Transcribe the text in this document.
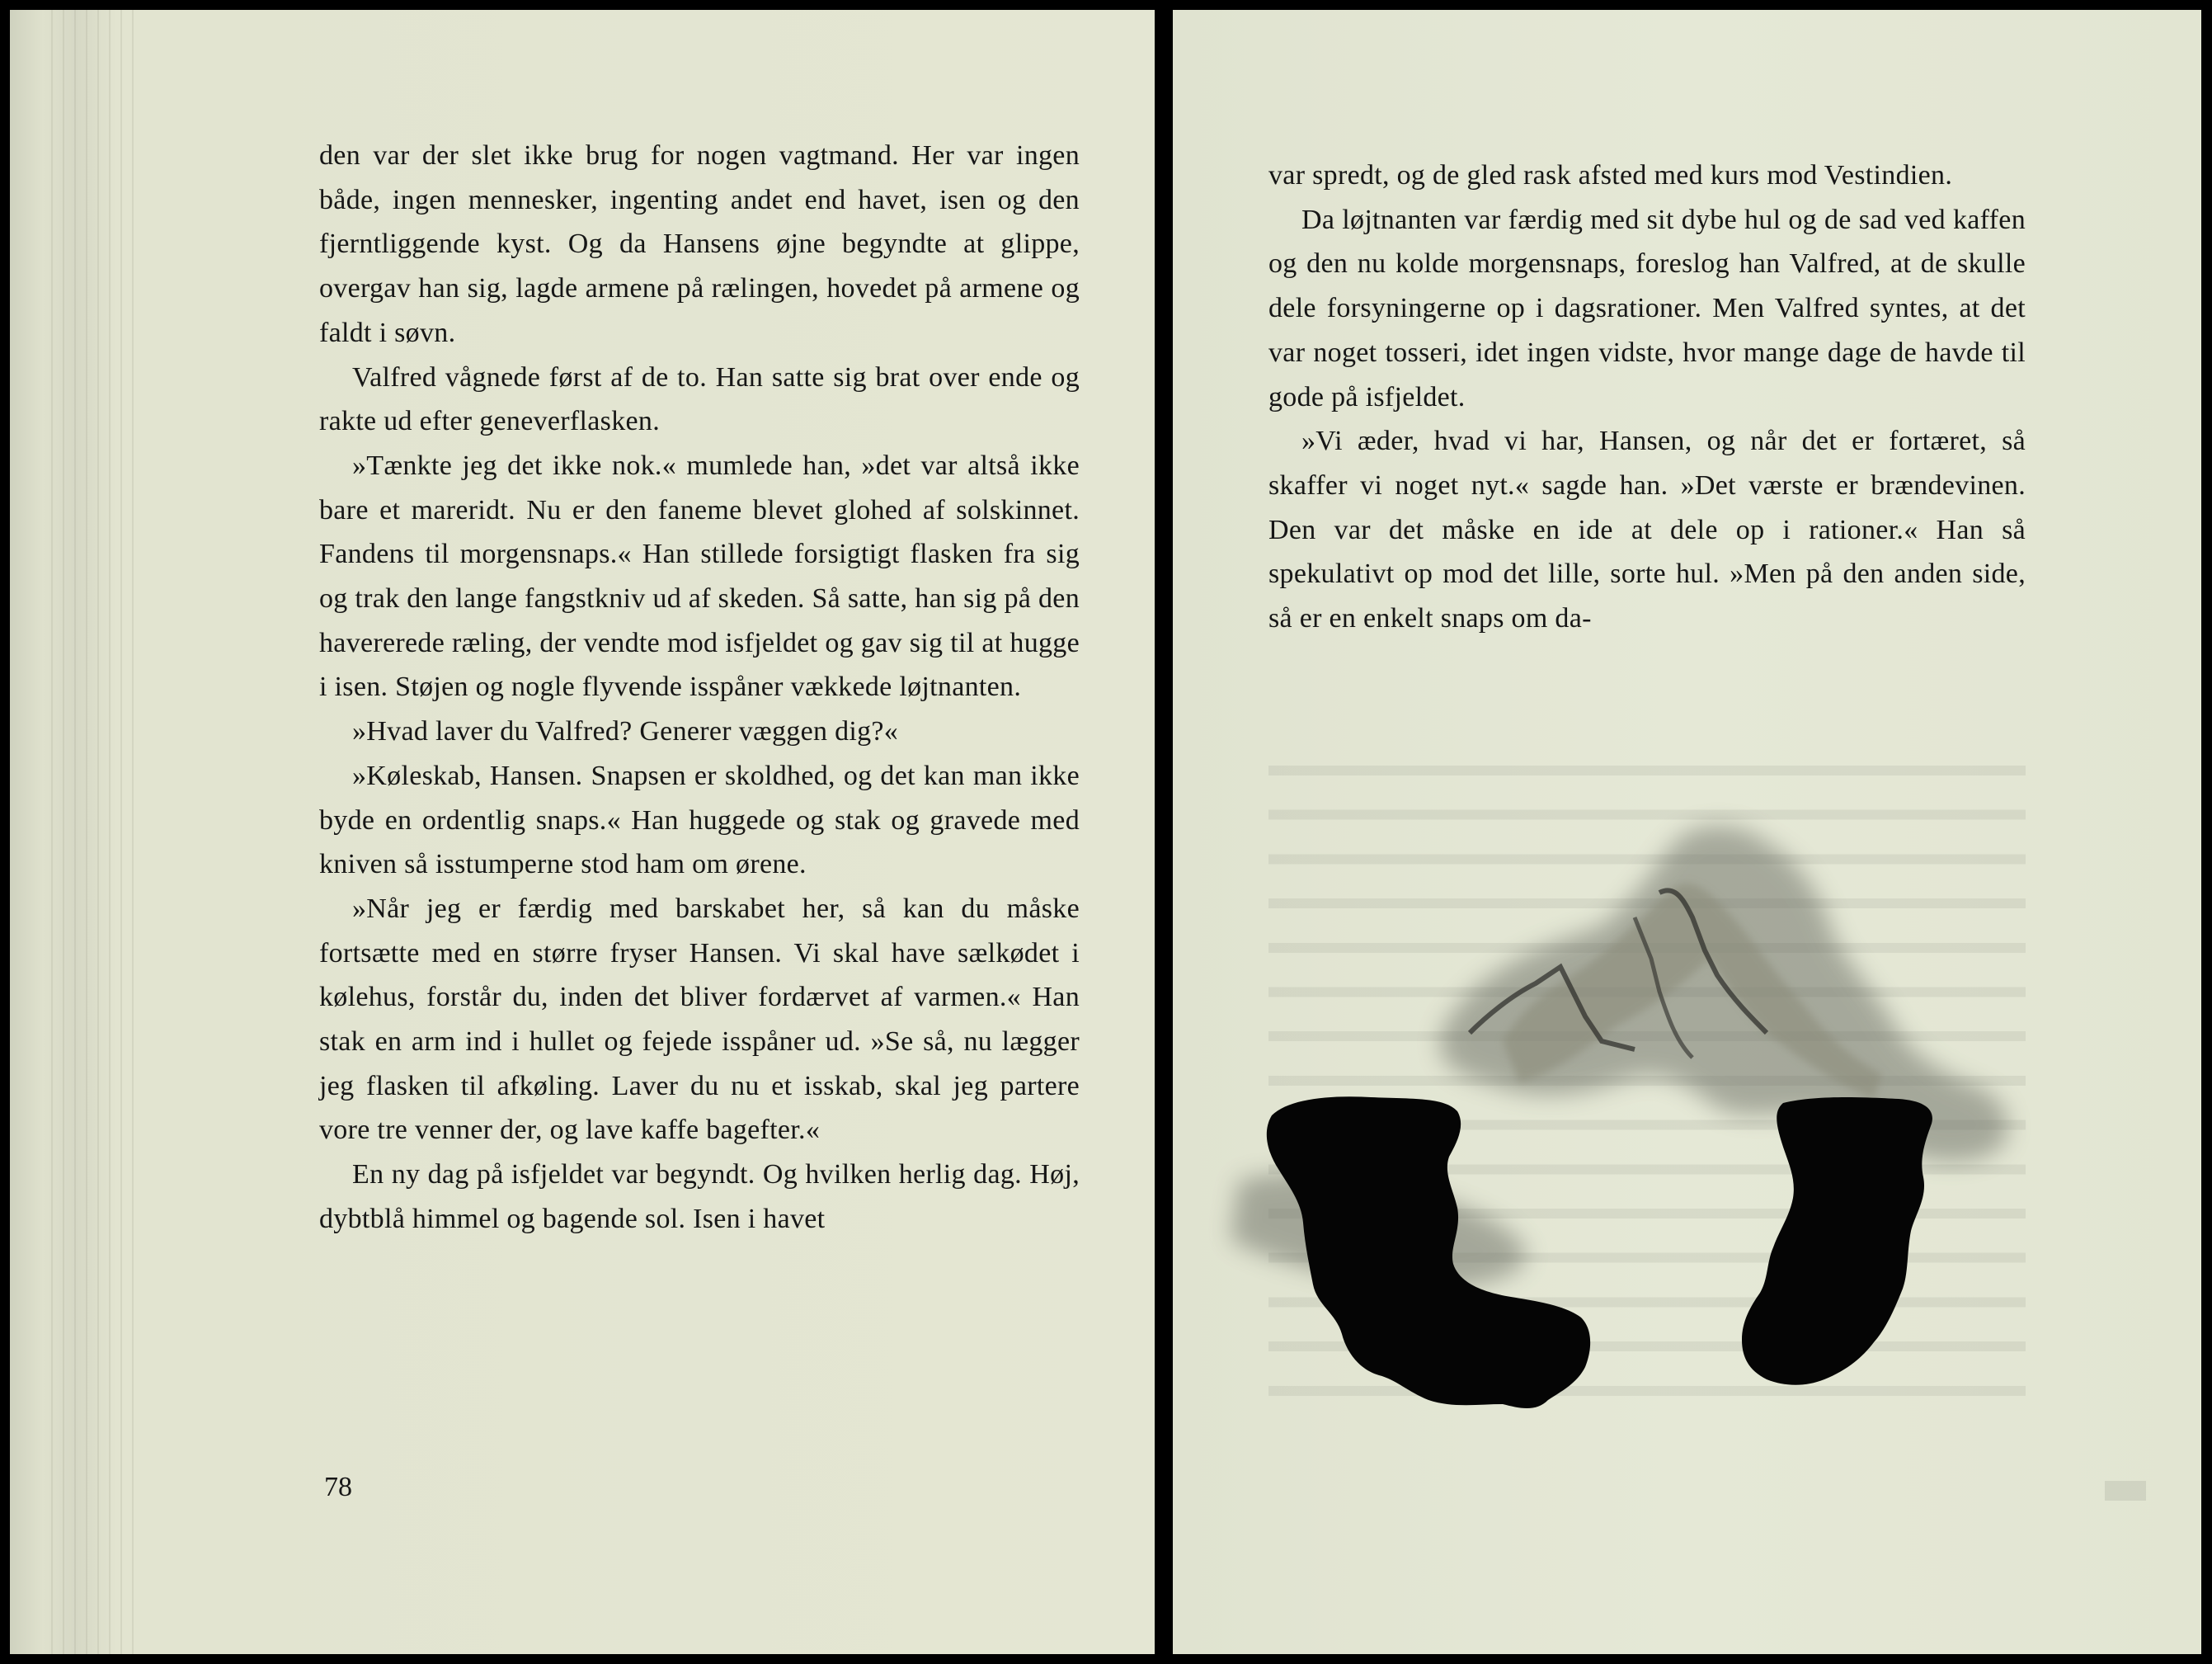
den var der slet ikke brug for nogen vagtmand. Her var ingen både, ingen mennesker, ingenting andet end havet, isen og den fjerntliggende kyst. Og da Hansens øjne begyndte at glippe, overgav han sig, lagde armene på rælingen, hovedet på armene og faldt i søvn.

Valfred vågnede først af de to. Han satte sig brat over ende og rakte ud efter geneverflasken.

»Tænkte jeg det ikke nok.« mumlede han, »det var altså ikke bare et mareridt. Nu er den faneme blevet glohed af solskinnet. Fandens til morgensnaps.« Han stillede forsigtigt flasken fra sig og trak den lange fangstkniv ud af skeden. Så satte, han sig på den havererede ræling, der vendte mod isfjeldet og gav sig til at hugge i isen. Støjen og nogle flyvende isspåner vækkede løjtnanten.

»Hvad laver du Valfred? Generer væggen dig?«

»Køleskab, Hansen. Snapsen er skoldhed, og det kan man ikke byde en ordentlig snaps.« Han huggede og stak og gravede med kniven så isstumperne stod ham om ørene.

»Når jeg er færdig med barskabet her, så kan du måske fortsætte med en større fryser Hansen. Vi skal have sælkødet i kølehus, forstår du, inden det bliver fordærvet af varmen.« Han stak en arm ind i hullet og fejede isspåner ud. »Se så, nu lægger jeg flasken til afkøling. Laver du nu et isskab, skal jeg partere vore tre venner der, og lave kaffe bagefter.«

En ny dag på isfjeldet var begyndt. Og hvilken herlig dag. Høj, dybtblå himmel og bagende sol. Isen i havet

78

var spredt, og de gled rask afsted med kurs mod Vestindien.

Da løjtnanten var færdig med sit dybe hul og de sad ved kaffen og den nu kolde morgensnaps, foreslog han Valfred, at de skulle dele forsyningerne op i dagsrationer. Men Valfred syntes, at det var noget tosseri, idet ingen vidste, hvor mange dage de havde til gode på isfjeldet.

»Vi æder, hvad vi har, Hansen, og når det er fortæret, så skaffer vi noget nyt.« sagde han. »Det værste er brændevinen. Den var det måske en ide at dele op i rationer.« Han så spekulativt op mod det lille, sorte hul. »Men på den anden side, så er en enkelt snaps om da-
